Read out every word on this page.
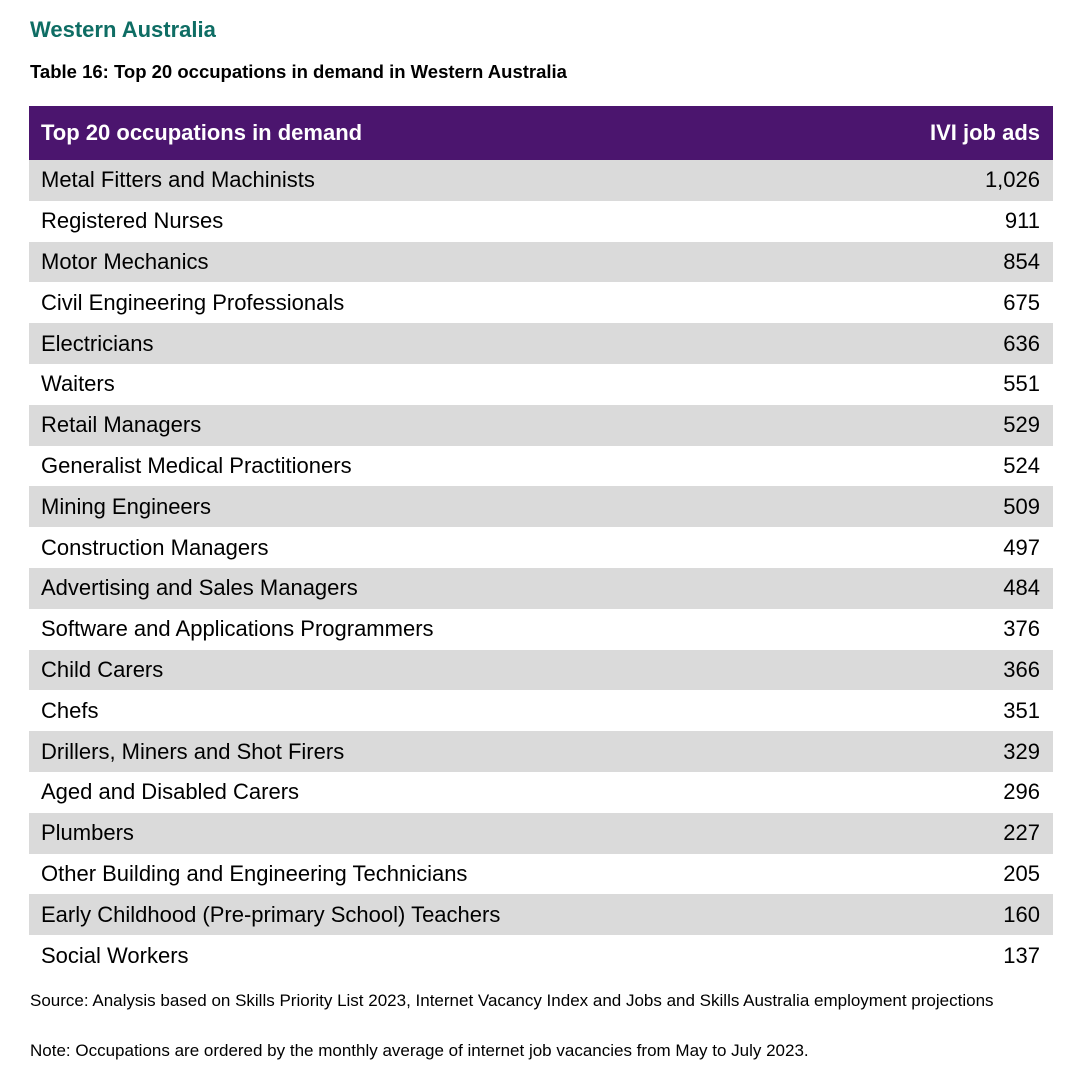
Western Australia
Table 16: Top 20 occupations in demand in Western Australia
Top 20 occupations in demand	IVI job ads
Metal Fitters and Machinists	1,026
Registered Nurses	911
Motor Mechanics	854
Civil Engineering Professionals	675
Electricians	636
Waiters	551
Retail Managers	529
Generalist Medical Practitioners	524
Mining Engineers	509
Construction Managers	497
Advertising and Sales Managers	484
Software and Applications Programmers	376
Child Carers	366
Chefs	351
Drillers, Miners and Shot Firers	329
Aged and Disabled Carers	296
Plumbers	227
Other Building and Engineering Technicians	205
Early Childhood (Pre-primary School) Teachers	160
Social Workers	137
Source: Analysis based on Skills Priority List 2023, Internet Vacancy Index and Jobs and Skills Australia employment projections
Note: Occupations are ordered by the monthly average of internet job vacancies from May to July 2023.
